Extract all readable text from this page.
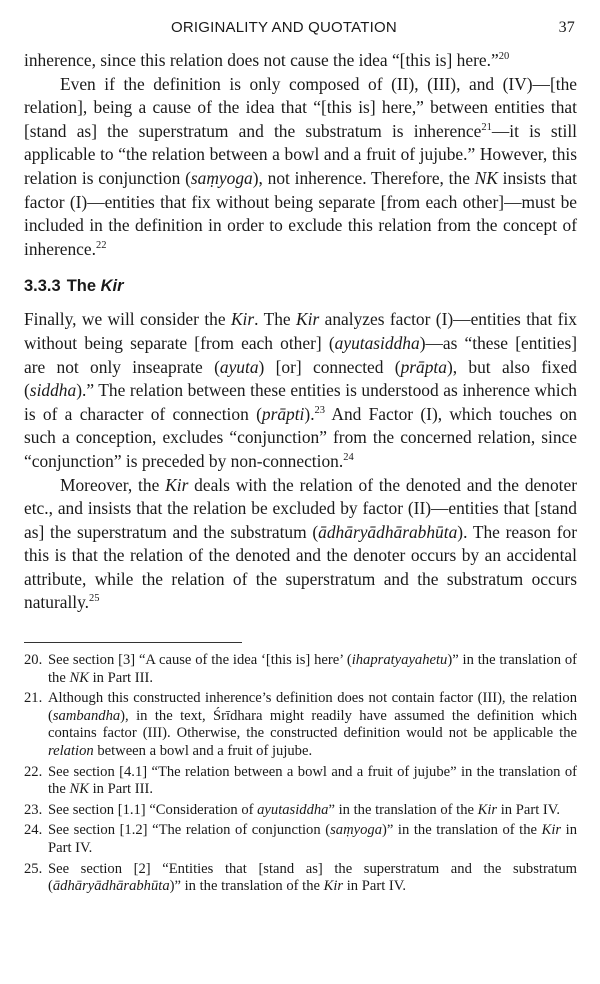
ORIGINALITY AND QUOTATION	37

inherence, since this relation does not cause the idea “[this is] here.”$^{20}$

Even if the definition is only composed of (II), (III), and (IV)—[the relation], being a cause of the idea that “[this is] here,” between entities that [stand as] the superstratum and the substratum is inherence$^{21}$—it is still applicable to “the relation between a bowl and a fruit of jujube.” However, this relation is conjunction (saṃyoga), not inherence. Therefore, the NK insists that factor (I)—entities that fix without being separate [from each other]—must be included in the definition in order to exclude this relation from the concept of inherence.$^{22}$

3.3.3 The Kir

Finally, we will consider the Kir. The Kir analyzes factor (I)—entities that fix without being separate [from each other] (ayutasiddha)—as “these [entities] are not only inseaprate (ayuta) [or] connected (prāpta), but also fixed (siddha).” The relation between these entities is understood as inherence which is of a character of connection (prāpti).$^{23}$ And Factor (I), which touches on such a conception, excludes “conjunction” from the concerned relation, since “conjunction” is preceded by non-connection.$^{24}$

Moreover, the Kir deals with the relation of the denoted and the denoter etc., and insists that the relation be excluded by factor (II)—entities that [stand as] the superstratum and the substratum (ādhāryādhārabhūta). The reason for this is that the relation of the denoted and the denoter occurs by an accidental attribute, while the relation of the superstratum and the substratum occurs naturally.$^{25}$

20. See section [3] “A cause of the idea ‘[this is] here’ (ihapratyayahetu)” in the translation of the NK in Part III.
21. Although this constructed inherence’s definition does not contain factor (III), the relation (sambandha), in the text, Śrīdhara might readily have assumed the definition which contains factor (III). Otherwise, the constructed definition would not be applicable the relation between a bowl and a fruit of jujube.
22. See section [4.1] “The relation between a bowl and a fruit of jujube” in the translation of the NK in Part III.
23. See section [1.1] “Consideration of ayutasiddha” in the translation of the Kir in Part IV.
24. See section [1.2] “The relation of conjunction (saṃyoga)” in the translation of the Kir in Part IV.
25. See section [2] “Entities that [stand as] the superstratum and the substratum (ādhāryādhārabhūta)” in the translation of the Kir in Part IV.
